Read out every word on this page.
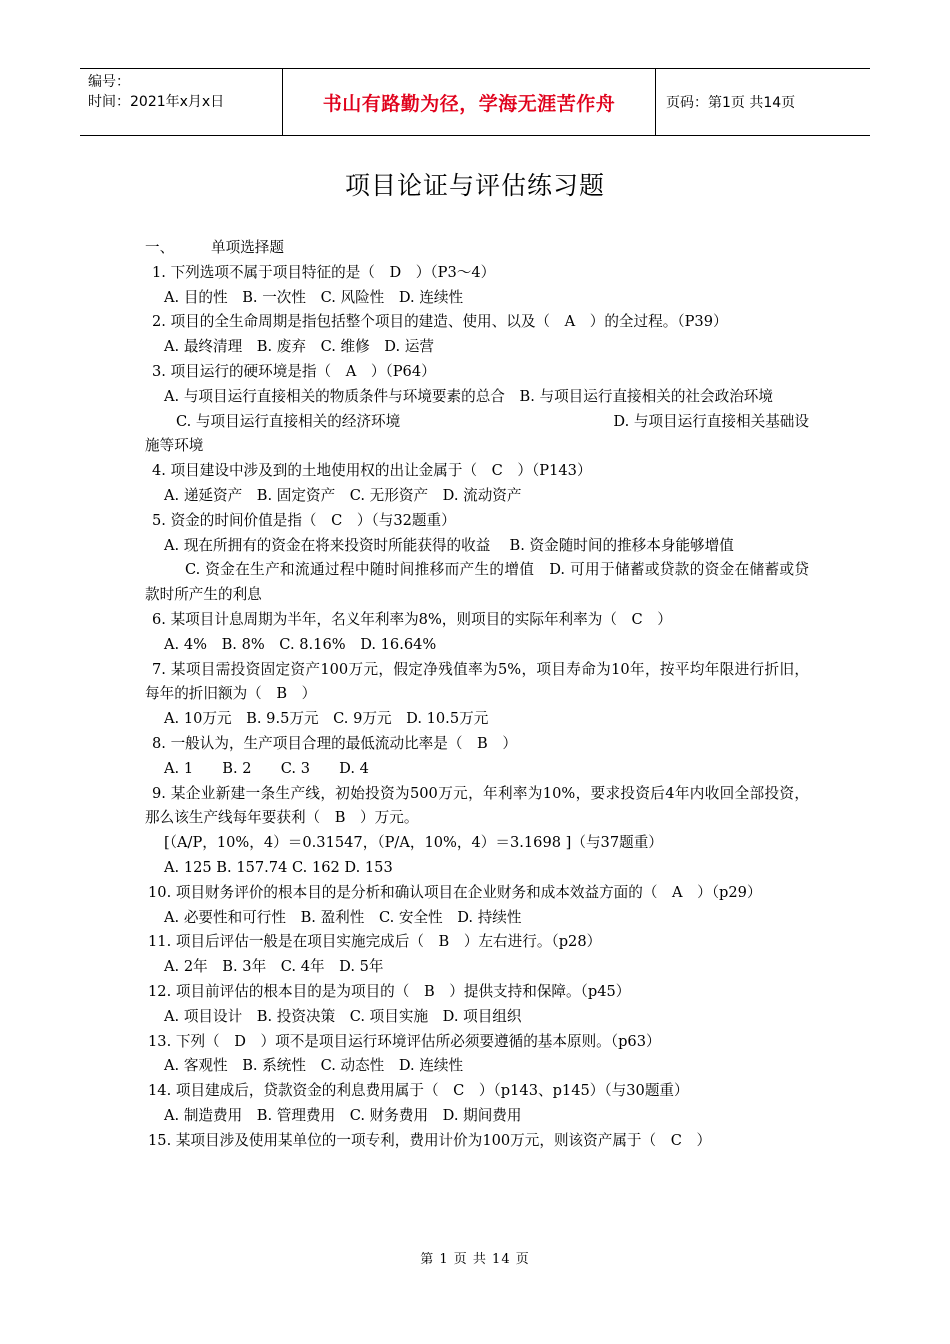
编号：
时间：2021年x月x日	书山有路勤为径，学海无涯苦作舟	页码：第1页 共14页
项目论证与评估练习题
一、	单项选择题
1. 下列选项不属于项目特征的是（　D　）（P3～4）
A. 目的性　B. 一次性　C. 风险性　D. 连续性
2. 项目的全生命周期是指包括整个项目的建造、使用、以及（　A　）的全过程。（P39）
A. 最终清理　B. 废弃　C. 维修　D. 运营
3. 项目运行的硬环境是指（　A　）（P64）
A. 与项目运行直接相关的物质条件与环境要素的总合　B. 与项目运行直接相关的社会政治环境
C. 与项目运行直接相关的经济环境	D. 与项目运行直接相关基础设
施等环境
4. 项目建设中涉及到的土地使用权的出让金属于（　C　）（P143）
A. 递延资产　B. 固定资产　C. 无形资产　D. 流动资产
5. 资金的时间价值是指（　C　）（与32题重）
A. 现在所拥有的资金在将来投资时所能获得的收益　 B. 资金随时间的推移本身能够增值
C. 资金在生产和流通过程中随时间推移而产生的增值　D. 可用于储蓄或贷款的资金在储蓄或贷款时所产生的利息
6. 某项目计息周期为半年，名义年利率为8%，则项目的实际年利率为（　C　）
A. 4%　B. 8%　C. 8.16%　D. 16.64%
7. 某项目需投资固定资产100万元，假定净残值率为5%，项目寿命为10年，按平均年限进行折旧，每年的折旧额为（　B　）
A. 10万元　B. 9.5万元　C. 9万元　D. 10.5万元
8. 一般认为，生产项目合理的最低流动比率是（　B　）
A. 1　　B. 2　　C. 3　　D. 4
9. 某企业新建一条生产线，初始投资为500万元，年利率为10%，要求投资后4年内收回全部投资，那么该生产线每年要获利（　B　）万元。
[（A/P，10%，4）＝0.31547，（P/A，10%，4）＝3.1698 ]（与37题重）
A. 125 B. 157.74 C. 162 D. 153
10. 项目财务评价的根本目的是分析和确认项目在企业财务和成本效益方面的（　A　）（p29）
A. 必要性和可行性　B. 盈利性　C. 安全性　D. 持续性
11. 项目后评估一般是在项目实施完成后（　B　）左右进行。（p28）
A. 2年　B. 3年　C. 4年　D. 5年
12. 项目前评估的根本目的是为项目的（　B　）提供支持和保障。（p45）
A. 项目设计　B. 投资决策　C. 项目实施　D. 项目组织
13. 下列（　D　）项不是项目运行环境评估所必须要遵循的基本原则。（p63）
A. 客观性　B. 系统性　C. 动态性　D. 连续性
14. 项目建成后，贷款资金的利息费用属于（　C　）（p143、p145）（与30题重）
A. 制造费用　B. 管理费用　C. 财务费用　D. 期间费用
15. 某项目涉及使用某单位的一项专利，费用计价为100万元，则该资产属于（　C　）
第 1 页 共 14 页
